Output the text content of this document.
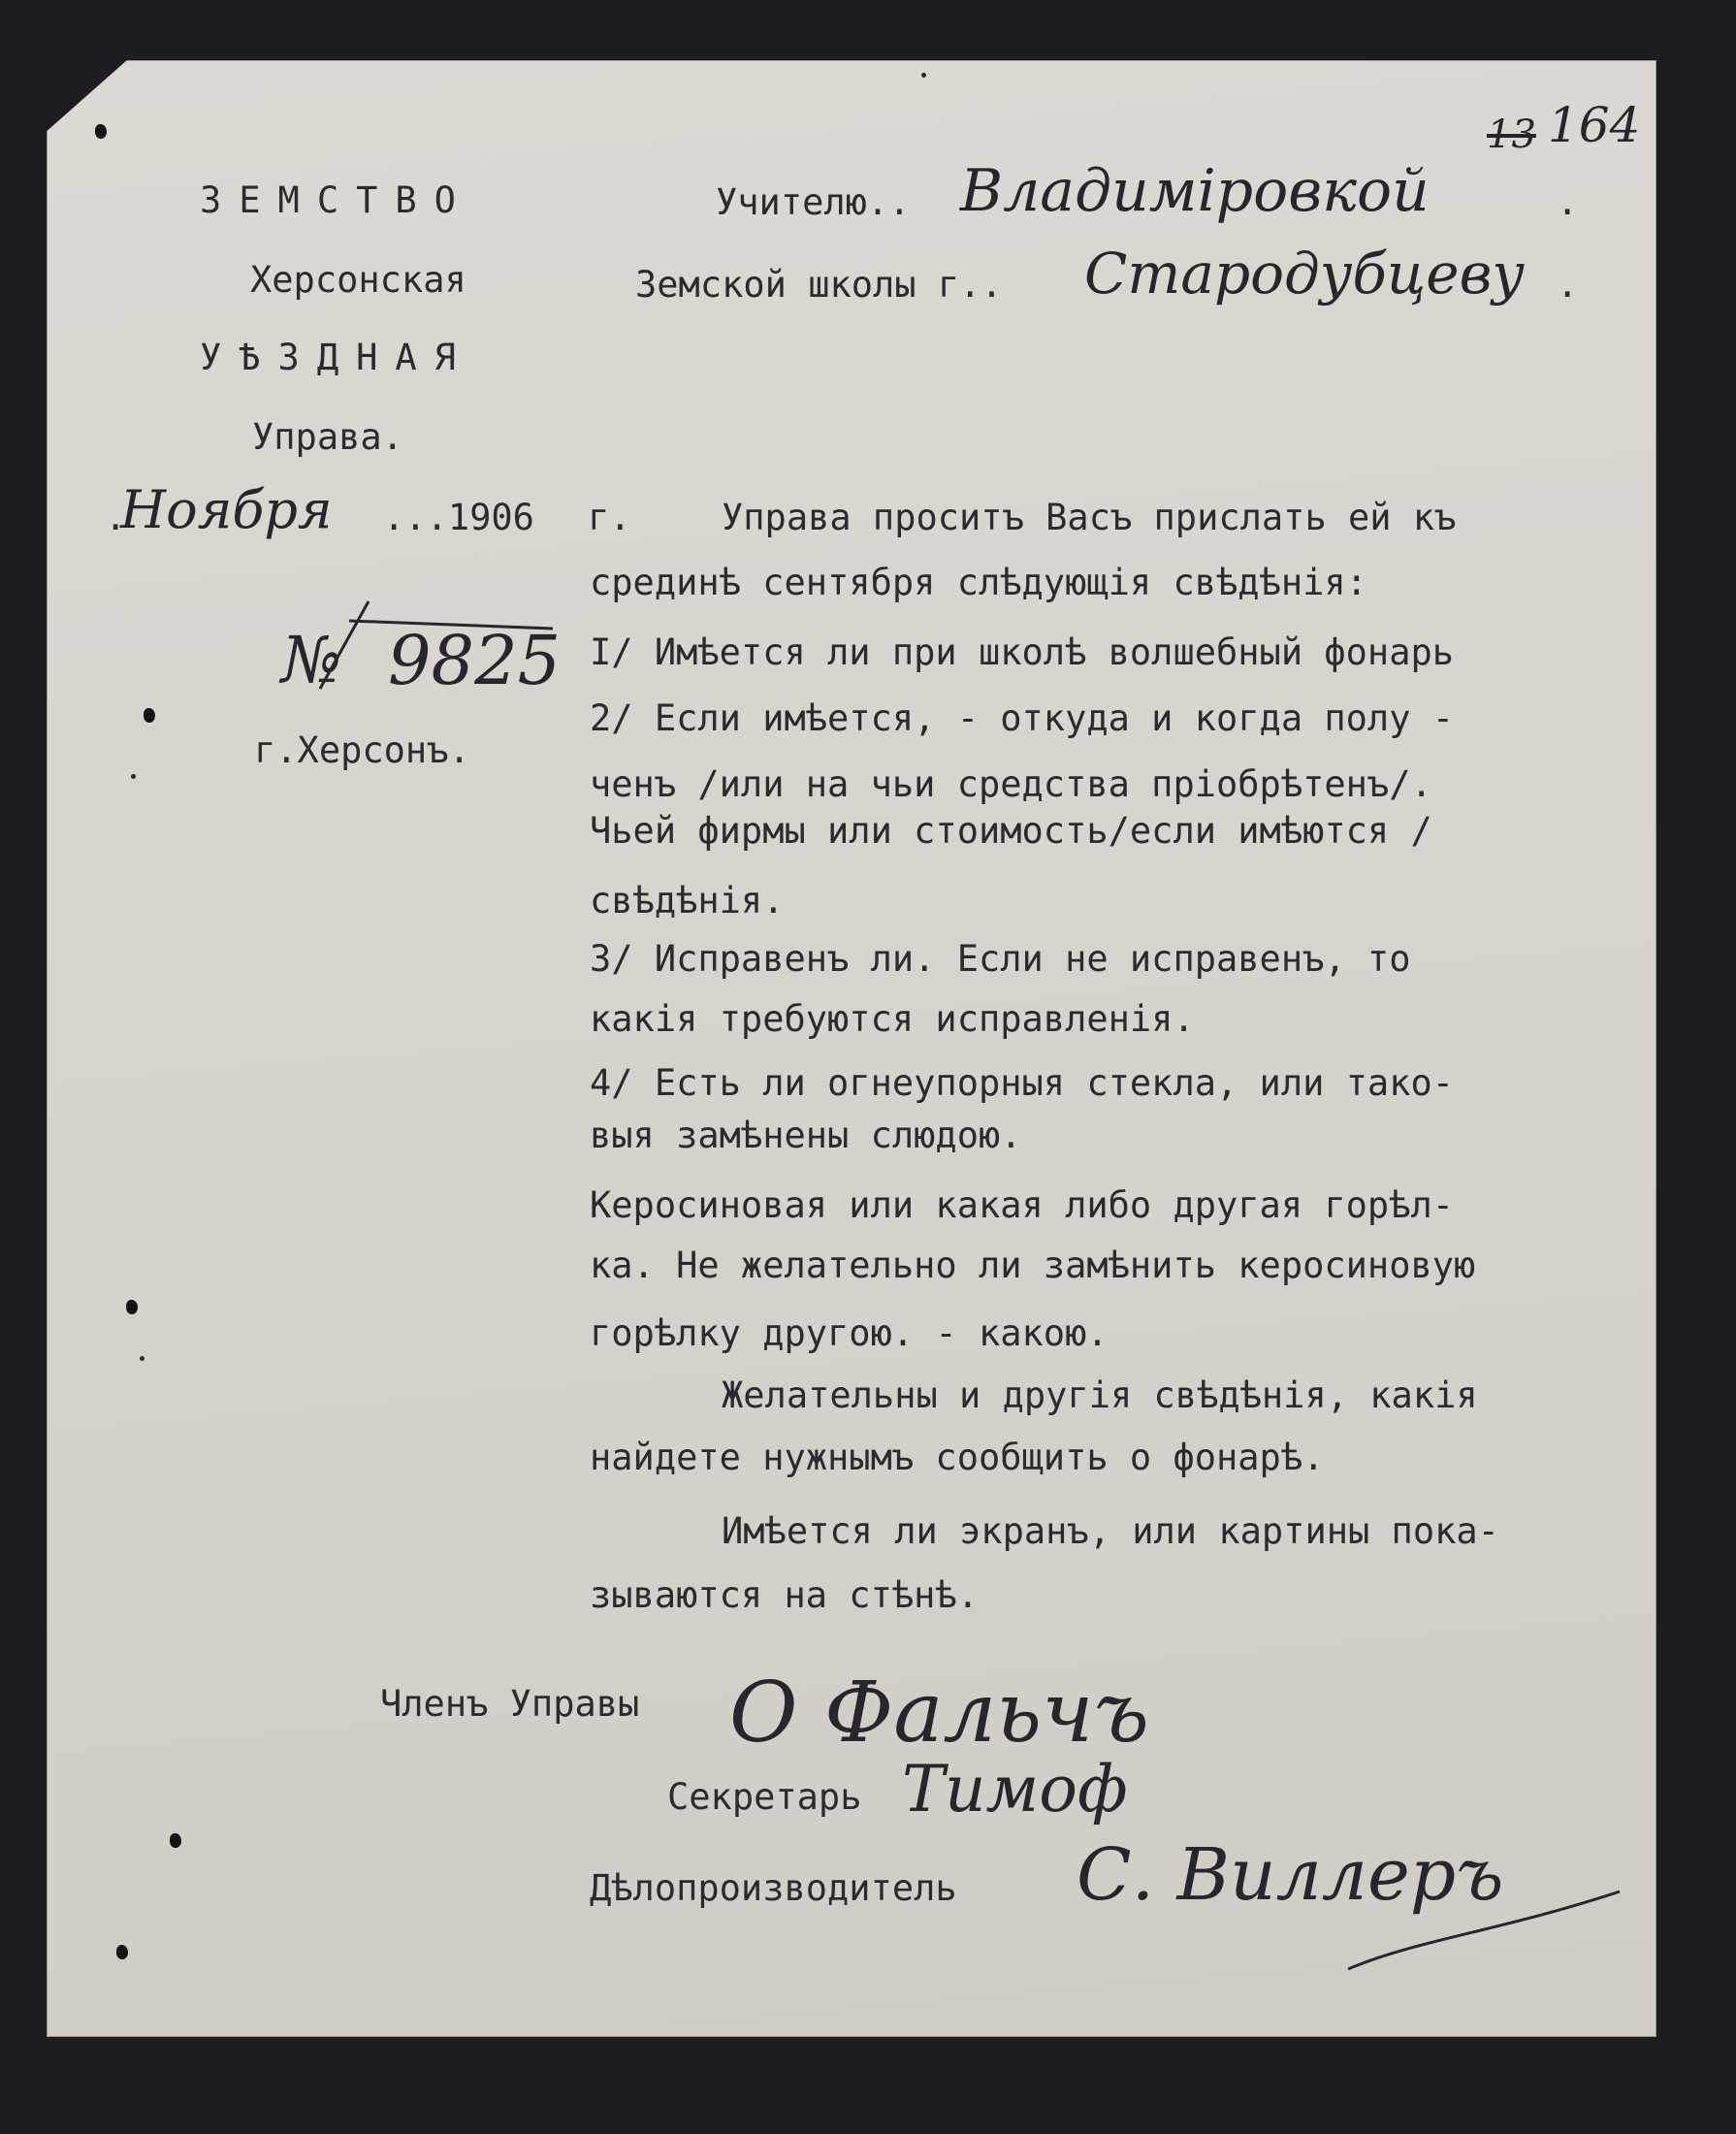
13 164
ЗЕМСТВО
Херсонская
УѢЗДНАЯ
Управа.
.
Ноября ...1906 г.
№ 9825
г.Херсонъ.
Учителю.. Владиміровкой	.
Земской школы г.. Стародубцеву .
Управа проситъ Васъ прислать ей къ
срединѣ сентября слѣдующія свѣдѣнія:
I/ Имѣется ли при школѣ волшебный фонарь
2/ Если имѣется, - откуда и когда полу -
ченъ /или на чьи средства пріобрѣтенъ/.
Чьей фирмы или стоимость/если имѣются /
свѣдѣнія.
3/ Исправенъ ли. Если не исправенъ, то
какія требуются исправленія.
4/ Есть ли огнеупорныя стекла, или тако-
выя замѣнены слюдою.
Керосиновая или какая либо другая горѣл-
ка. Не желательно ли замѣнить керосиновую
горѣлку другою. - какою.
Желательны и другія свѣдѣнія, какія
найдете нужнымъ сообщить о фонарѣ.
Имѣется ли экранъ, или картины пока-
зываются на стѣнѣ.
Членъ Управы О Фальчъ
Секретарь Тимоф
Дѣлопроизводитель С. Виллеръ
